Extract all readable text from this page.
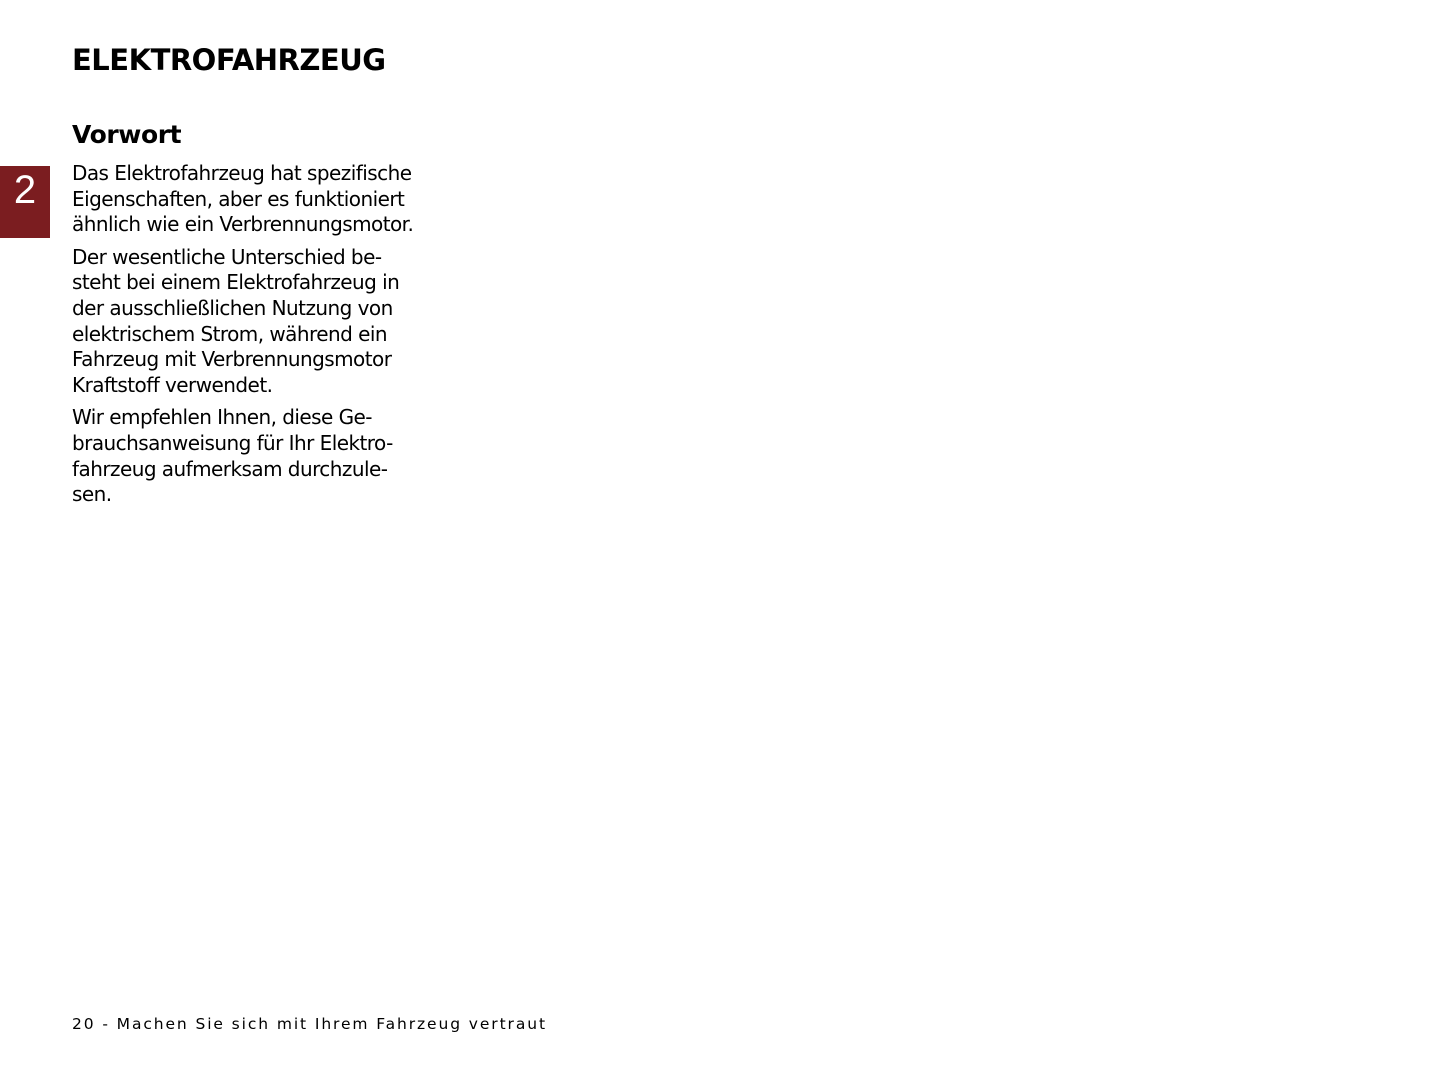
ELEKTROFAHRZEUG
2
Vorwort

Das Elektrofahrzeug hat spezifische
Eigenschaften, aber es funktioniert
ähnlich wie ein Verbrennungsmotor.

Der wesentliche Unterschied be-
steht bei einem Elektrofahrzeug in
der ausschließlichen Nutzung von
elektrischem Strom, während ein
Fahrzeug mit Verbrennungsmotor
Kraftstoff verwendet.

Wir empfehlen Ihnen, diese Ge-
brauchsanweisung für Ihr Elektro-
fahrzeug aufmerksam durchzule-
sen.

20 - Machen Sie sich mit Ihrem Fahrzeug vertraut
